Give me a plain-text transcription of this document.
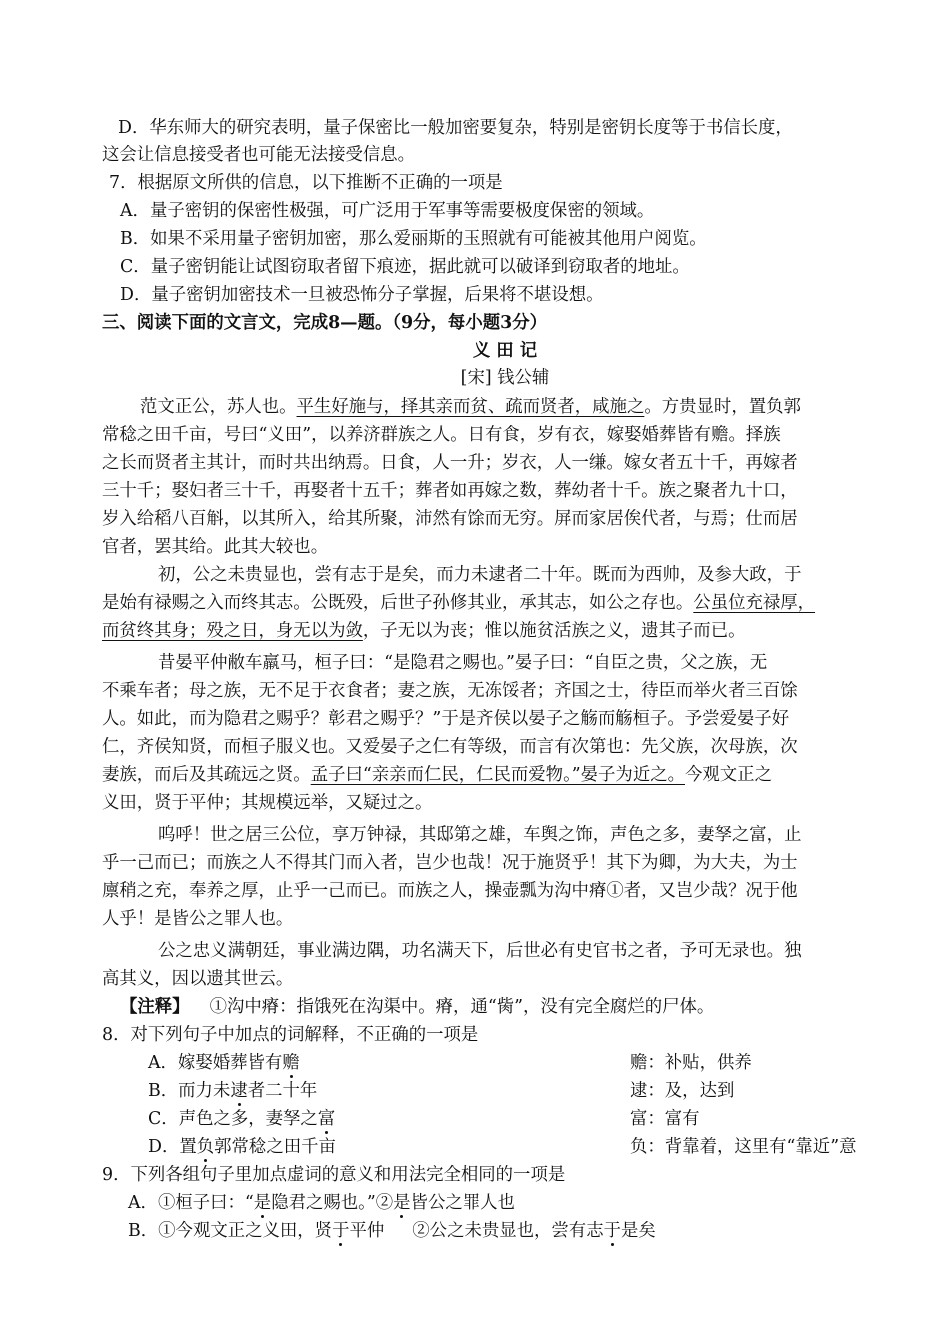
D．华东师大的研究表明，量子保密比一般加密要复杂，特别是密钥长度等于书信长度，
这会让信息接受者也可能无法接受信息。
7．根据原文所供的信息，以下推断不正确的一项是
A．量子密钥的保密性极强，可广泛用于军事等需要极度保密的领域。
B．如果不采用量子密钥加密，那么爱丽斯的玉照就有可能被其他用户阅览。
C．量子密钥能让试图窃取者留下痕迹，据此就可以破译到窃取者的地址。
D．量子密钥加密技术一旦被恐怖分子掌握，后果将不堪设想。
三、阅读下面的文言文，完成8—题。（9分，每小题3分）
义 田 记
[宋] 钱公辅
范文正公，苏人也。平生好施与，择其亲而贫、疏而贤者，咸施之。方贵显时，置负郭
常稔之田千亩，号曰“义田”，以养济群族之人。日有食，岁有衣，嫁娶婚葬皆有赡。择族
之长而贤者主其计，而时共出纳焉。日食，人一升；岁衣，人一缣。嫁女者五十千，再嫁者
三十千；娶妇者三十千，再娶者十五千；葬者如再嫁之数，葬幼者十千。族之聚者九十口，
岁入给稻八百斛，以其所入，给其所聚，沛然有馀而无穷。屏而家居俟代者，与焉；仕而居
官者，罢其给。此其大较也。
初，公之未贵显也，尝有志于是矣，而力未逮者二十年。既而为西帅，及参大政，于
是始有禄赐之入而终其志。公既殁，后世子孙修其业，承其志，如公之存也。公虽位充禄厚，
而贫终其身；殁之日，身无以为敛，子无以为丧；惟以施贫活族之义，遗其子而已。
昔晏平仲敝车羸马，桓子曰：“是隐君之赐也。”晏子曰：“自臣之贵，父之族，无
不乘车者；母之族，无不足于衣食者；妻之族，无冻馁者；齐国之士，待臣而举火者三百馀
人。如此，而为隐君之赐乎？彰君之赐乎？”于是齐侯以晏子之觞而觞桓子。予尝爱晏子好
仁，齐侯知贤，而桓子服义也。又爱晏子之仁有等级，而言有次第也：先父族，次母族，次
妻族，而后及其疏远之贤。孟子曰“亲亲而仁民，仁民而爱物。”晏子为近之。今观文正之
义田，贤于平仲；其规模远举，又疑过之。
呜呼！世之居三公位，享万钟禄，其邸第之雄，车舆之饰，声色之多，妻孥之富，止
乎一己而已；而族之人不得其门而入者，岂少也哉！况于施贤乎！其下为卿，为大夫，为士
廪稍之充，奉养之厚，止乎一己而已。而族之人，操壶瓢为沟中瘠①者，又岂少哉？况于他
人乎！是皆公之罪人也。
公之忠义满朝廷，事业满边隅，功名满天下，后世必有史官书之者，予可无录也。独
高其义，因以遗其世云。
【注释】 ①沟中瘠：指饿死在沟渠中。瘠，通“胔”，没有完全腐烂的尸体。
8．对下列句子中加点的词解释，不正确的一项是
A．嫁娶婚葬皆有赡	赡：补贴，供养
B．而力未逮者二十年	逮：及，达到
C．声色之多，妻孥之富	富：富有
D．置负郭常稔之田千亩	负：背靠着，这里有“靠近”意
9．下列各组句子里加点虚词的意义和用法完全相同的一项是
A．①桓子曰：“是隐君之赐也。”②是皆公之罪人也
B．①今观文正之义田，贤于平仲 ②公之未贵显也，尝有志于是矣
